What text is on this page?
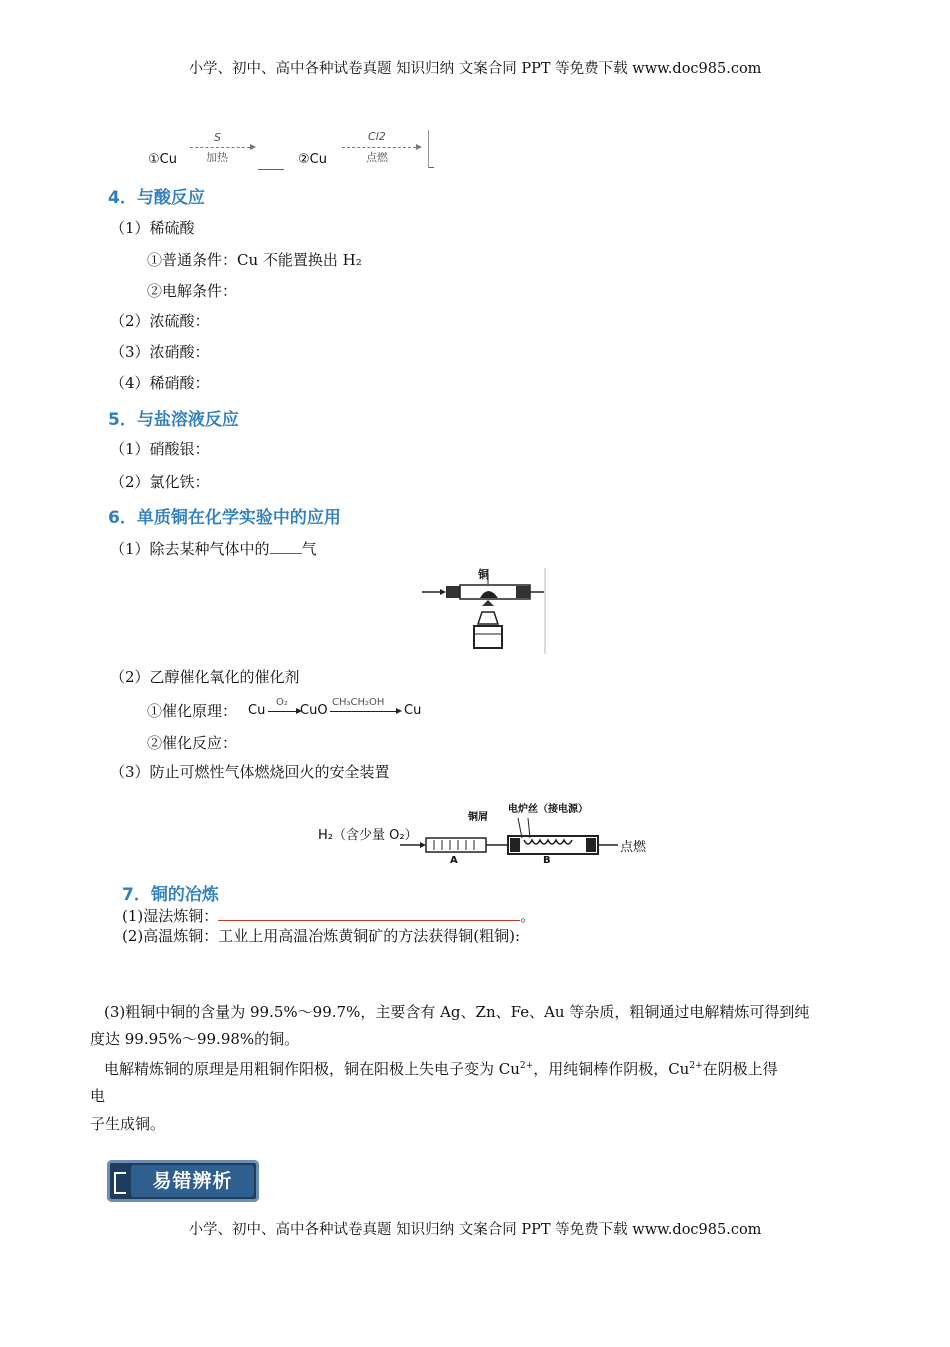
小学、初中、高中各种试卷真题 知识归纳 文案合同 PPT 等免费下载 www.doc985.com
①Cu
S
加热	②Cu
Cl2
点燃
4．与酸反应
（1）稀硫酸
①普通条件：Cu 不能置换出 H₂
②电解条件：
（2）浓硫酸：
（3）浓硝酸：
（4）稀硝酸：
5．与盐溶液反应
（1）硝酸银：
（2）氯化铁：
6．单质铜在化学实验中的应用
（1）除去某种气体中的 气
铜
（2）乙醇催化氧化的催化剂
①催化原理： Cu
O₂
CuO
CH₃CH₂OH
Cu
②催化反应：
（3）防止可燃性气体燃烧回火的安全装置
H₂（含少量 O₂）
铜屑
电炉丝（接电源）
点燃
A	B
7．铜的冶炼
(1)湿法炼铜：	。
(2)高温炼铜：工业上用高温冶炼黄铜矿的方法获得铜(粗铜):
(3)粗铜中铜的含量为 99.5%～99.7%，主要含有 Ag、Zn、Fe、Au 等杂质，粗铜通过电解精炼可得到纯
度达 99.95%～99.98%的铜。
电解精炼铜的原理是用粗铜作阳极，铜在阳极上失电子变为 $Cu^{2+}$，用纯铜棒作阴极，$Cu^{2+}$在阴极上得
电
子生成铜。
易错辨析
小学、初中、高中各种试卷真题 知识归纳 文案合同 PPT 等免费下载 www.doc985.com
